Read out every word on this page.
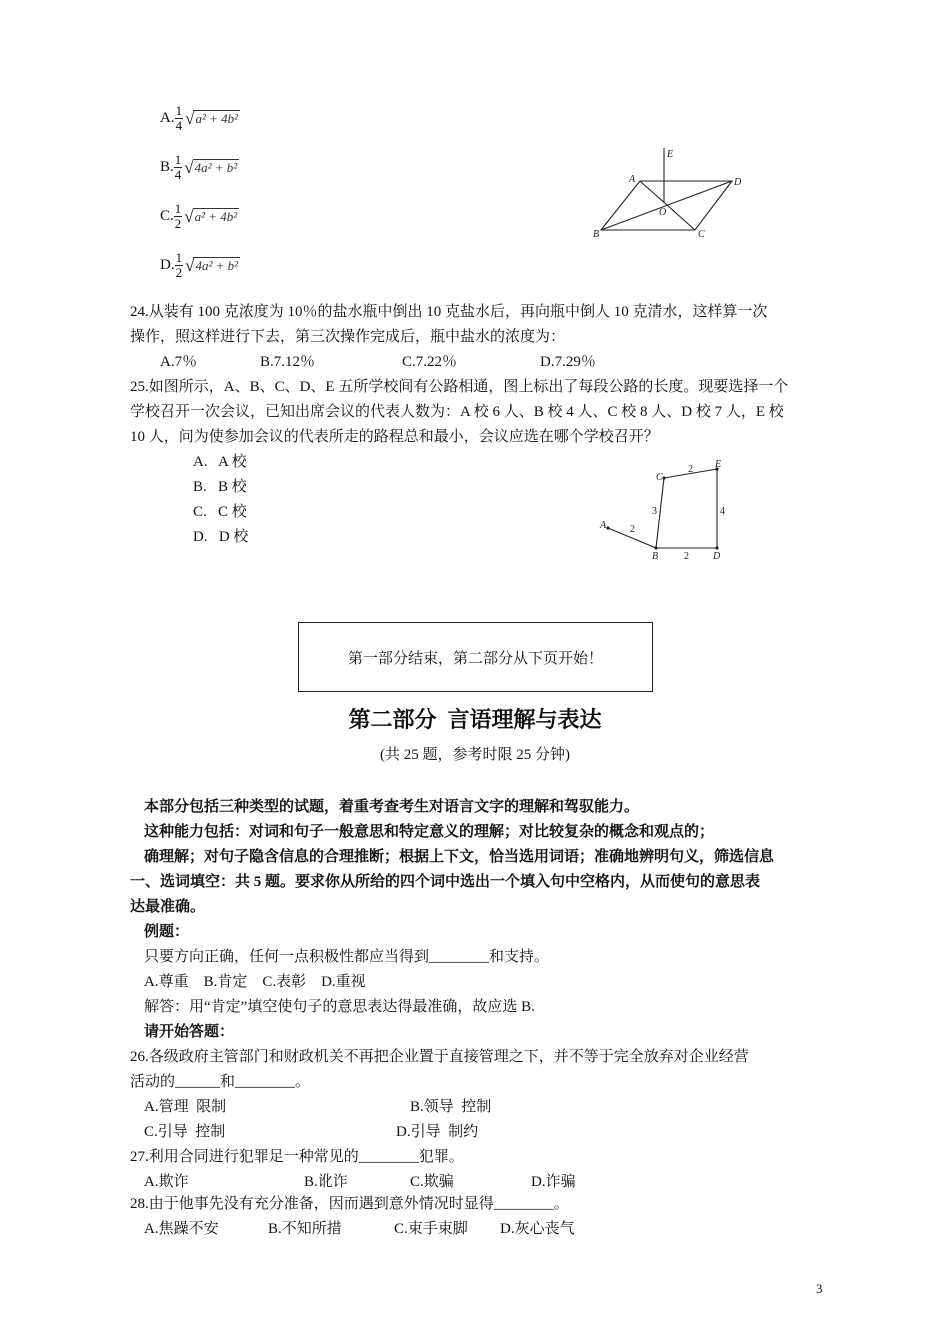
A. $\frac{1}{4} √a^2 + 4b^2$
B. $\frac{1}{4} √4a^2 + b^2$
C. $\frac{1}{2} √a^2 + 4b^2$
D. $\frac{1}{2} √4a^2 + b^2$
E
A	D
O
B	C
24.从装有 100 克浓度为 10％的盐水瓶中倒出 10 克盐水后，再向瓶中倒人 10 克清水，这样算一次
操作，照这样进行下去，第三次操作完成后，瓶中盐水的浓度为：
A.7％	B.7.12％	C.7.22％	D.7.29％
25.如图所示，A、B、C、D、E 五所学校间有公路相通，图上标出了每段公路的长度。现要选择一个
学校召开一次会议，已知出席会议的代表人数为：A 校 6 人、B 校 4 人、C 校 8 人、D 校 7 人，E 校
10 人，问为使参加会议的代表所走的路程总和最小，会议应选在哪个学校召开？
A.   A 校
B.   B 校
C.   C 校
D.   D 校
A
B
C
D
E
2
3
2
4
2
第一部分结束，第二部分从下页开始！
第二部分  言语理解与表达
(共 25 题，参考时限 25 分钟)
本部分包括三种类型的试题，着重考查考生对语言文字的理解和驾驭能力。
这种能力包括：对词和句子一般意思和特定意义的理解；对比较复杂的概念和观点的；
确理解；对句子隐含信息的合理推断；根据上下文，恰当选用词语；准确地辨明句义，筛选信息
一、选词填空：共 5 题。要求你从所给的四个词中选出一个填入句中空格内，从而使句的意思表
达最准确。
例题：
只要方向正确，任何一点积极性都应当得到________和支持。
A.尊重    B.肯定    C.表彰    D.重视
解答：用“肯定”填空使句子的意思表达得最准确，故应选 B.
请开始答题：
26.各级政府主管部门和财政机关不再把企业置于直接管理之下，并不等于完全放弃对企业经营
活动的______和________。
A.管理  限制	B.领导  控制
C.引导  控制	D.引导  制约
27.利用合同进行犯罪足一种常见的________犯罪。
A.欺诈	B.讹诈	C.欺骗	D.诈骗
28.由于他事先没有充分准备，因而遇到意外情况时显得________。
A.焦躁不安	B.不知所措	C.束手束脚 D.灰心丧气
3
